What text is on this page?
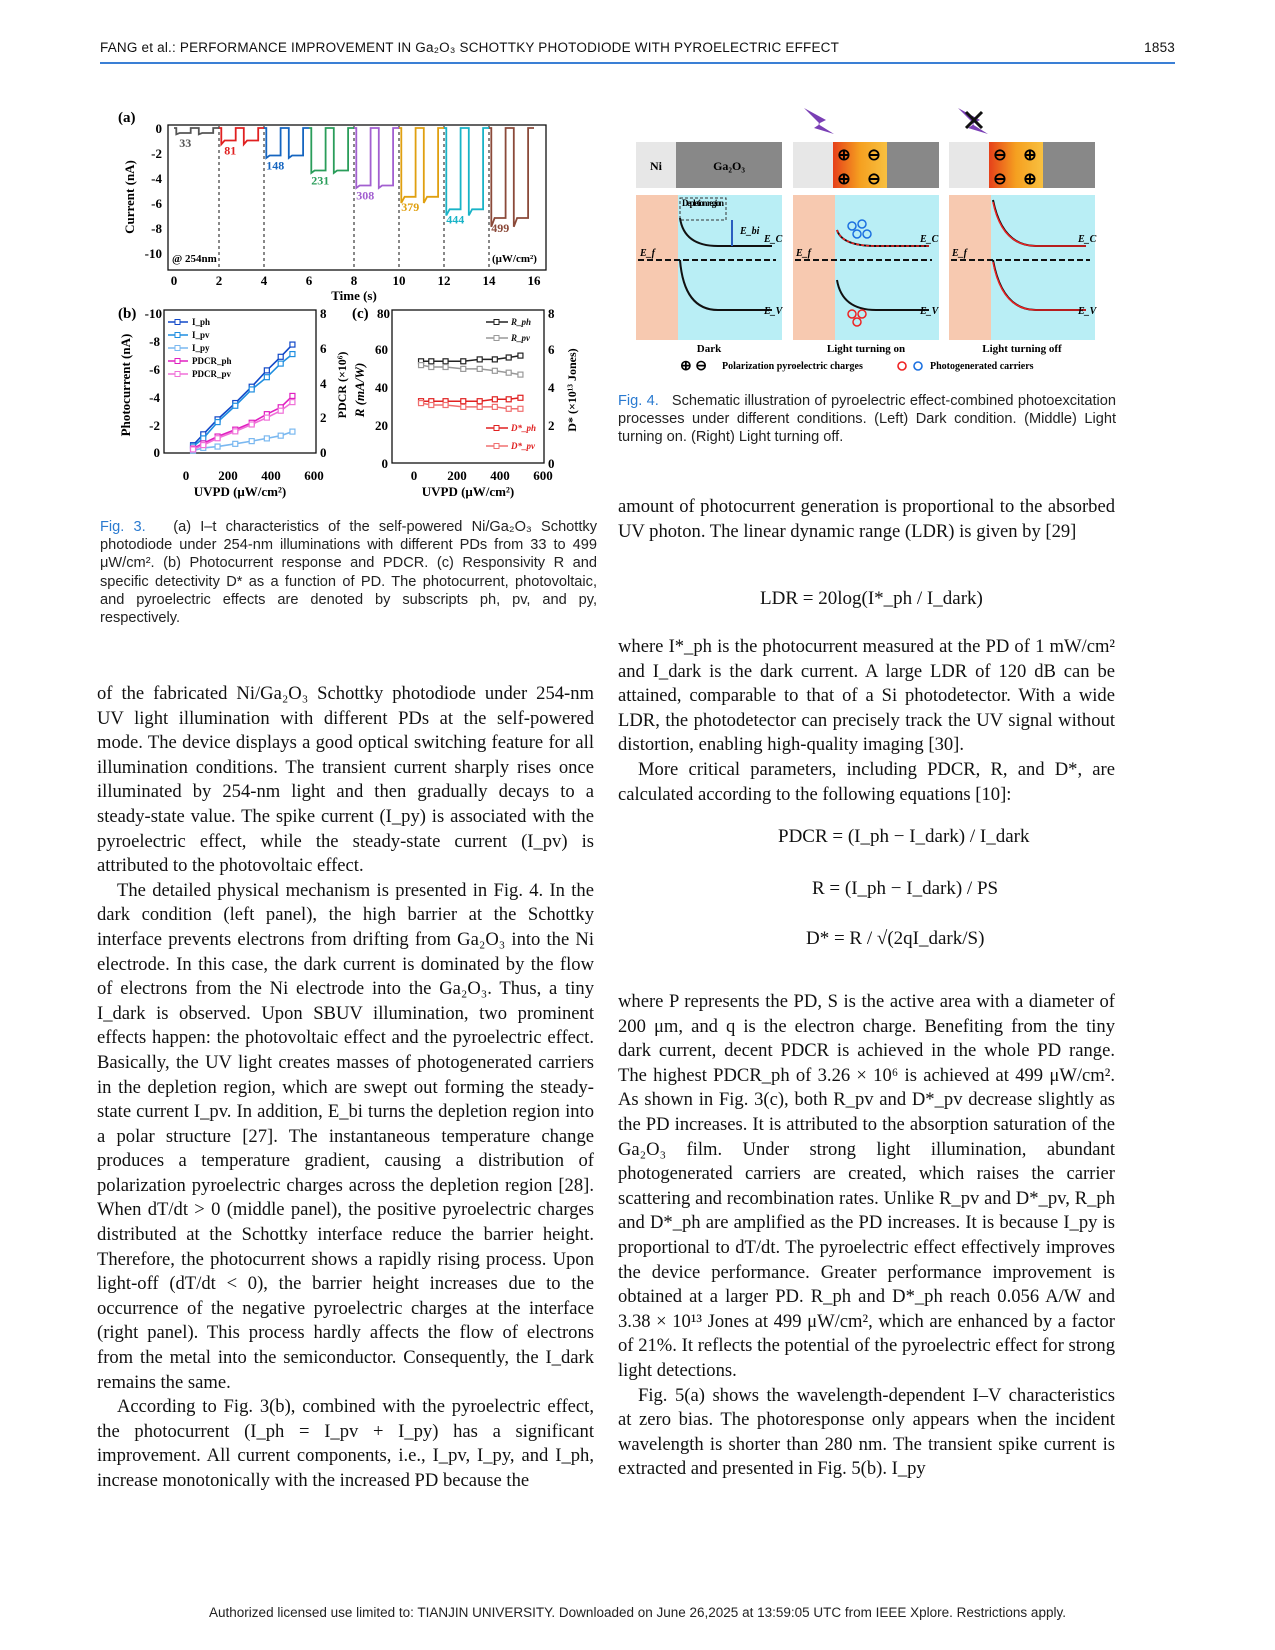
FANG et al.: PERFORMANCE IMPROVEMENT IN Ga₂O₃ SCHOTTKY PHOTODIODE WITH PYROELECTRIC EFFECT	1853
(a)
0
-2
-4
-6
-8
-10
0	2	4	6	8	10 12 14 16
Time (s)
Current (nA)
@ 254nm	(μW/cm²)
33
81
148
231
308
379
444
499
(b) -10
-8
-6
-4
-2
0
8
6
4
2
0
0 200 400 600
UVPD (μW/cm²)
Photocurrent (nA)	PDCR (×10⁶)
I_ph
I_pv
I_py
PDCR_ph
PDCR_pv
(c) 80
60
40
20
0
8
6
4
2
0
0 200 400 600
UVPD (μW/cm²)
R (mA/W)	D* (×10¹³ Jones)
R_ph
R_pv
D*_ph
D*_pv
Fig. 3. (a) I–t characteristics of the self-powered Ni/Ga₂O₃ Schottky photodiode under 254-nm illuminations with different PDs from 33 to 499 μW/cm². (b) Photocurrent response and PDCR. (c) Responsivity R and specific detectivity D* as a function of PD. The photocurrent, photovoltaic, and pyroelectric effects are denoted by subscripts ph, pv, and py, respectively.
Ni	Ga₂O₃
⊕ ⊖
⊕ ⊖
⊖ ⊕
⊖ ⊕
Depletion region
E_bi
E_C
E_V
E_f
E_C
E_V
E_f
E_C
E_V
E_f
Dark	Light turning on	Light turning off
⊕ ⊖ Polarization pyroelectric charges	Photogenerated carriers
Fig. 4. Schematic illustration of pyroelectric effect-combined photoexcitation processes under different conditions. (Left) Dark condition. (Middle) Light turning on. (Right) Light turning off.

of the fabricated Ni/Ga₂O₃ Schottky photodiode under 254-nm UV light illumination with different PDs at the self-powered mode. The device displays a good optical switching feature for all illumination conditions. The transient current sharply rises once illuminated by 254-nm light and then gradually decays to a steady-state value. The spike current (I_py) is associated with the pyroelectric effect, while the steady-state current (I_pv) is attributed to the photovoltaic effect.

The detailed physical mechanism is presented in Fig. 4. In the dark condition (left panel), the high barrier at the Schottky interface prevents electrons from drifting from Ga₂O₃ into the Ni electrode. In this case, the dark current is dominated by the flow of electrons from the Ni electrode into the Ga₂O₃. Thus, a tiny I_dark is observed. Upon SBUV illumination, two prominent effects happen: the photovoltaic effect and the pyroelectric effect. Basically, the UV light creates masses of photogenerated carriers in the depletion region, which are swept out forming the steady-state current I_pv. In addition, E_bi turns the depletion region into a polar structure [27]. The instantaneous temperature change produces a temperature gradient, causing a distribution of polarization pyroelectric charges across the depletion region [28]. When dT/dt > 0 (middle panel), the positive pyroelectric charges distributed at the Schottky interface reduce the barrier height. Therefore, the photocurrent shows a rapidly rising process. Upon light-off (dT/dt < 0), the barrier height increases due to the occurrence of the negative pyroelectric charges at the interface (right panel). This process hardly affects the flow of electrons from the metal into the semiconductor. Consequently, the I_dark remains the same.

According to Fig. 3(b), combined with the pyroelectric effect, the photocurrent (I_ph = I_pv + I_py) has a significant improvement. All current components, i.e., I_pv, I_py, and I_ph, increase monotonically with the increased PD because the

amount of photocurrent generation is proportional to the absorbed UV photon. The linear dynamic range (LDR) is given by [29]

LDR = 20log(I*_ph / I_dark)

where I*_ph is the photocurrent measured at the PD of 1 mW/cm² and I_dark is the dark current. A large LDR of 120 dB can be attained, comparable to that of a Si photodetector. With a wide LDR, the photodetector can precisely track the UV signal without distortion, enabling high-quality imaging [30].

More critical parameters, including PDCR, R, and D*, are calculated according to the following equations [10]:

PDCR = (I_ph − I_dark) / I_dark
R = (I_ph − I_dark) / PS
D* = R / √(2qI_dark/S)

where P represents the PD, S is the active area with a diameter of 200 μm, and q is the electron charge. Benefiting from the tiny dark current, decent PDCR is achieved in the whole PD range. The highest PDCR_ph of 3.26 × 10⁶ is achieved at 499 μW/cm². As shown in Fig. 3(c), both R_pv and D*_pv decrease slightly as the PD increases. It is attributed to the absorption saturation of the Ga₂O₃ film. Under strong light illumination, abundant photogenerated carriers are created, which raises the carrier scattering and recombination rates. Unlike R_pv and D*_pv, R_ph and D*_ph are amplified as the PD increases. It is because I_py is proportional to dT/dt. The pyroelectric effect effectively improves the device performance. Greater performance improvement is obtained at a larger PD. R_ph and D*_ph reach 0.056 A/W and 3.38 × 10¹³ Jones at 499 μW/cm², which are enhanced by a factor of 21%. It reflects the potential of the pyroelectric effect for strong light detections.

Fig. 5(a) shows the wavelength-dependent I–V characteristics at zero bias. The photoresponse only appears when the incident wavelength is shorter than 280 nm. The transient spike current is extracted and presented in Fig. 5(b). I_py

Authorized licensed use limited to: TIANJIN UNIVERSITY. Downloaded on June 26,2025 at 13:59:05 UTC from IEEE Xplore. Restrictions apply.
